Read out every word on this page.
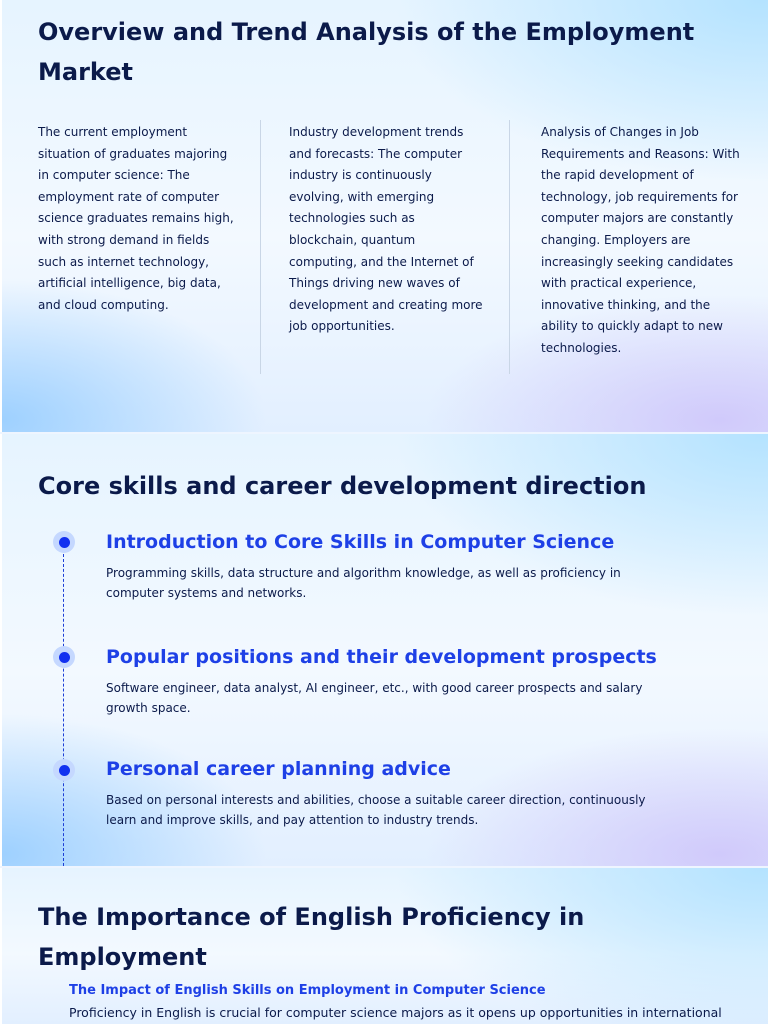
Overview and Trend Analysis of the Employment Market

The current employment situation of graduates majoring in computer science: The employment rate of computer science graduates remains high, with strong demand in fields such as internet technology, artificial intelligence, big data, and cloud computing.

Industry development trends and forecasts: The computer industry is continuously evolving, with emerging technologies such as blockchain, quantum computing, and the Internet of Things driving new waves of development and creating more job opportunities.

Analysis of Changes in Job Requirements and Reasons: With the rapid development of technology, job requirements for computer majors are constantly changing. Employers are increasingly seeking candidates with practical experience, innovative thinking, and the ability to quickly adapt to new technologies.

Core skills and career development direction
Introduction to Core Skills in Computer Science

Programming skills, data structure and algorithm knowledge, as well as proficiency in computer systems and networks.

Popular positions and their development prospects

Software engineer, data analyst, AI engineer, etc., with good career prospects and salary growth space.

Personal career planning advice

Based on personal interests and abilities, choose a suitable career direction, continuously learn and improve skills, and pay attention to industry trends.

The Importance of English Proficiency in Employment
The Impact of English Skills on Employment in Computer Science

Proficiency in English is crucial for computer science majors as it opens up opportunities in international
